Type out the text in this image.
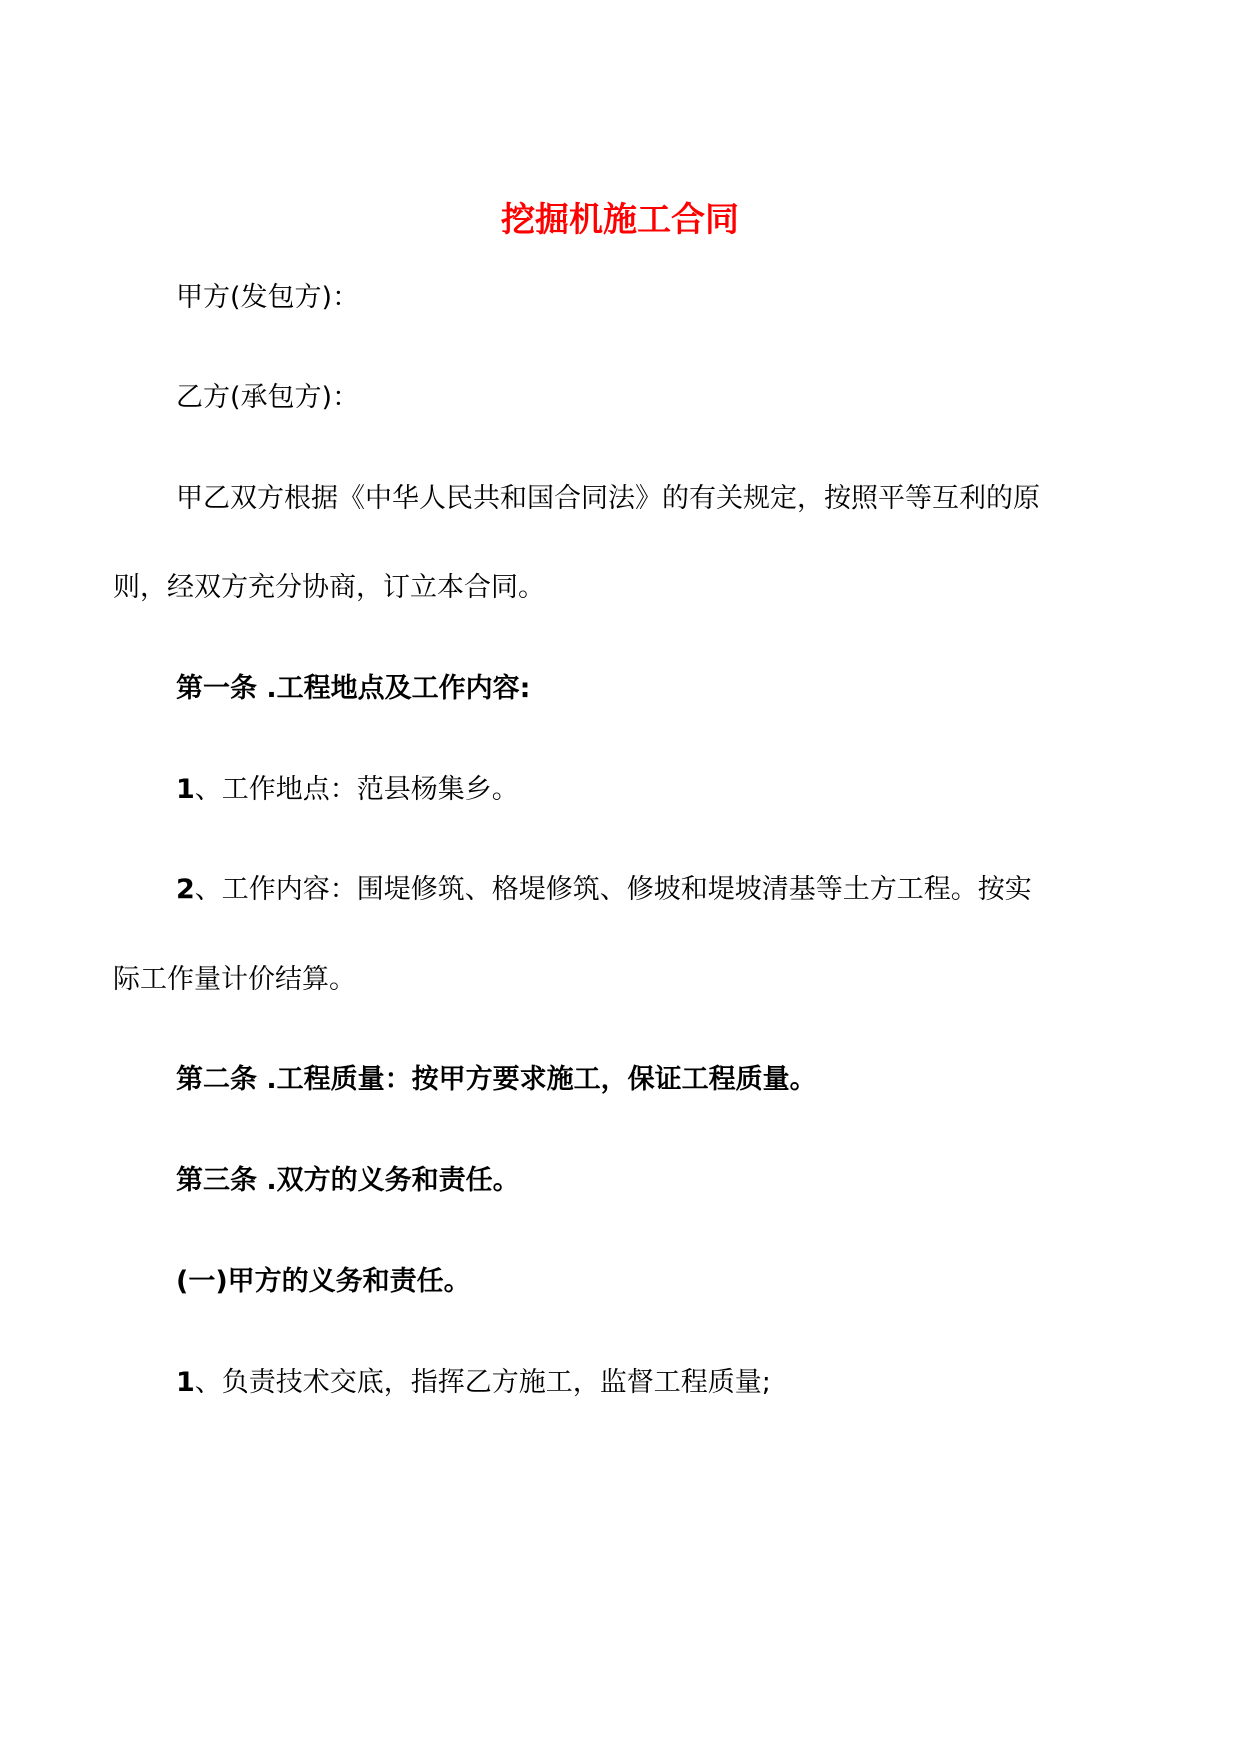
挖掘机施工合同
甲方(发包方)：
乙方(承包方)：
甲乙双方根据《中华人民共和国合同法》的有关规定，按照平等互利的原
则，经双方充分协商，订立本合同。
第一条 .工程地点及工作内容:
1、工作地点：范县杨集乡。
2、工作内容：围堤修筑、格堤修筑、修坡和堤坡清基等土方工程。按实
际工作量计价结算。
第二条 .工程质量：按甲方要求施工，保证工程质量。
第三条 .双方的义务和责任。
(一)甲方的义务和责任。
1、负责技术交底，指挥乙方施工，监督工程质量;
